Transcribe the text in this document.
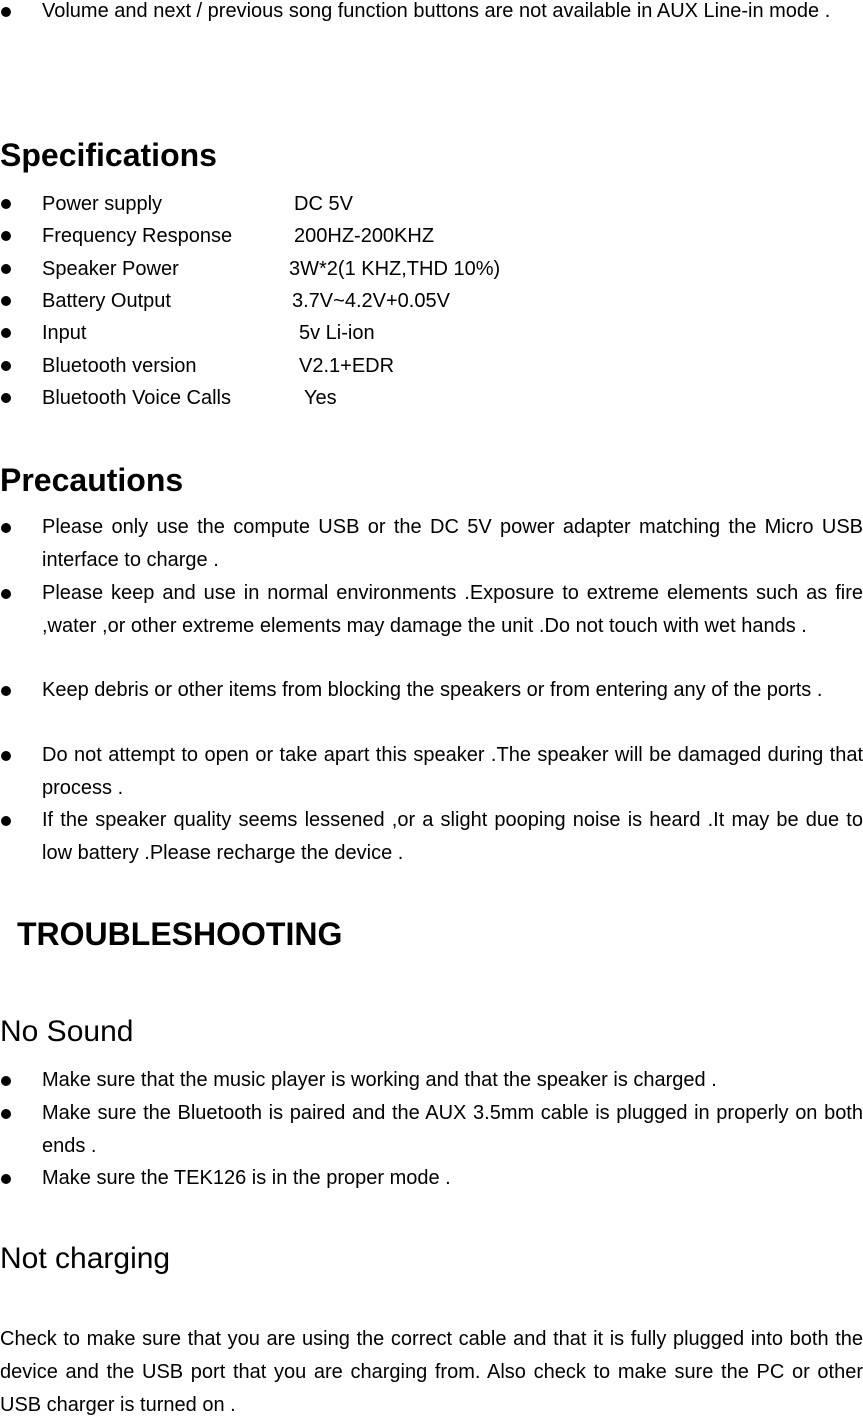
Volume and next / previous song function buttons are not available in AUX Line-in mode .
Specifications
Power supply	DC 5V
Frequency Response	200HZ-200KHZ
Speaker Power	3W*2(1 KHZ,THD 10%)
Battery Output	3.7V~4.2V+0.05V
Input	5v Li-ion
Bluetooth version	V2.1+EDR
Bluetooth Voice Calls	Yes
Precautions
Please only use the compute USB or the DC 5V power adapter matching the Micro USB interface to charge .
Please keep and use in normal environments .Exposure to extreme elements such as fire ,water ,or other extreme elements may damage the unit .Do not touch with wet hands .
Keep debris or other items from blocking the speakers or from entering any of the ports .
Do not attempt to open or take apart this speaker .The speaker will be damaged during that process .
If the speaker quality seems lessened ,or a slight pooping noise is heard .It may be due to low battery .Please recharge the device .
TROUBLESHOOTING
No Sound
Make sure that the music player is working and that the speaker is charged .
Make sure the Bluetooth is paired and the AUX 3.5mm cable is plugged in properly on both ends .
Make sure the TEK126 is in the proper mode .
Not charging
Check to make sure that you are using the correct cable and that it is fully plugged into both the device and the USB port that you are charging from. Also check to make sure the PC or other USB charger is turned on .
